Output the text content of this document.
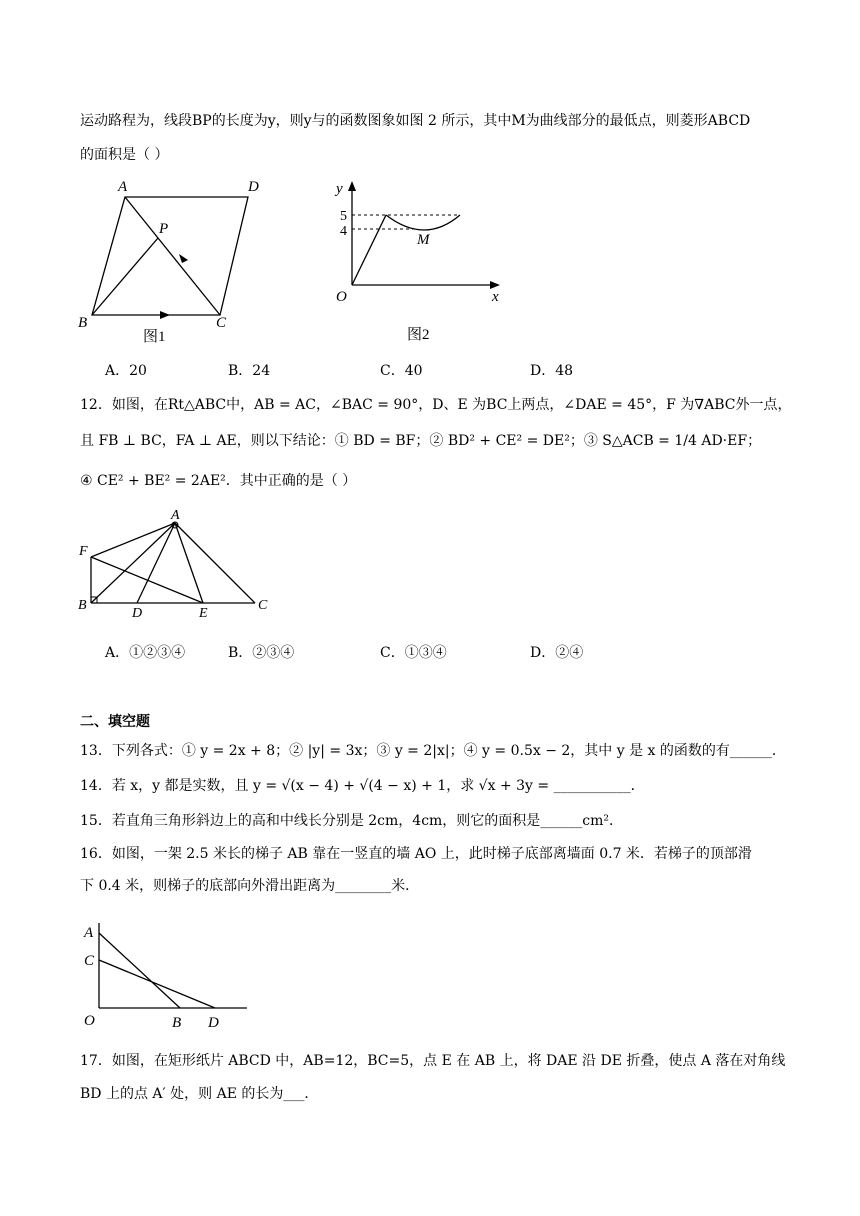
运动路程为，线段BP的长度为y，则y与的函数图象如图 2 所示，其中M为曲线部分的最低点，则菱形ABCD
的面积是（ ）
A	D
P
B	C
图1
y
x
O
5
4
M
图2
A．20	B．24	C．40	D．48
12．如图，在Rt△ABC中，AB = AC，∠BAC = 90°，D、E 为BC上两点，∠DAE = 45°，F 为∇ABC外一点，
且 FB ⊥ BC，FA ⊥ AE，则以下结论：① BD = BF；② BD² + CE² = DE²；③ S△ACB = 1/4 AD·EF；
④ CE² + BE² = 2AE²．其中正确的是（ ）
A
F
B
D	E
C
A．①②③④	B．②③④	C．①③④	D．②④
二、填空题
13．下列各式：① y = 2x + 8；② |y| = 3x；③ y = 2|x|；④ y = 0.5x − 2，其中 y 是 x 的函数的有______．
14．若 x，y 都是实数，且 y = √(x − 4) + √(4 − x) + 1，求 √x + 3y = ___________．
15．若直角三角形斜边上的高和中线长分别是 2cm，4cm，则它的面积是______cm²．
16．如图，一架 2.5 米长的梯子 AB 靠在一竖直的墙 AO 上，此时梯子底部离墙面 0.7 米．若梯子的顶部滑
下 0.4 米，则梯子的底部向外滑出距离为________米．
A
C
O	B D
17．如图，在矩形纸片 ABCD 中，AB=12，BC=5，点 E 在 AB 上，将 DAE 沿 DE 折叠，使点 A 落在对角线
BD 上的点 A′ 处，则 AE 的长为___．
